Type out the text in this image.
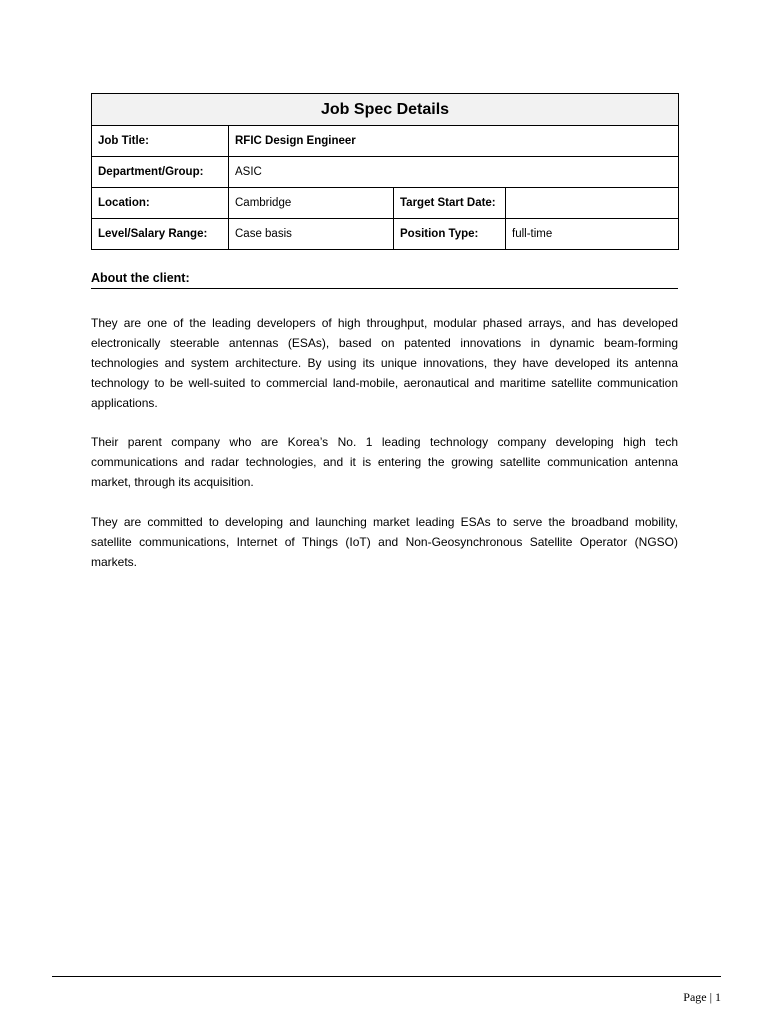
Job Spec Details			
Job Title:	RFIC Design Engineer		
Department/Group:	ASIC		
Location:	Cambridge	Target Start Date:	
Level/Salary Range:	Case basis	Position Type:	full-time
About the client:

They are one of the leading developers of high throughput, modular phased arrays, and has developed electronically steerable antennas (ESAs), based on patented innovations in dynamic beam-forming technologies and system architecture. By using its unique innovations, they have developed its antenna technology to be well-suited to commercial land-mobile, aeronautical and maritime satellite communication applications.

Their parent company who are Korea’s No. 1 leading technology company developing high tech communications and radar technologies, and it is entering the growing satellite communication antenna market, through its acquisition.

They are committed to developing and launching market leading ESAs to serve the broadband mobility, satellite communications, Internet of Things (IoT) and Non-Geosynchronous Satellite Operator (NGSO) markets.

Page | 1
